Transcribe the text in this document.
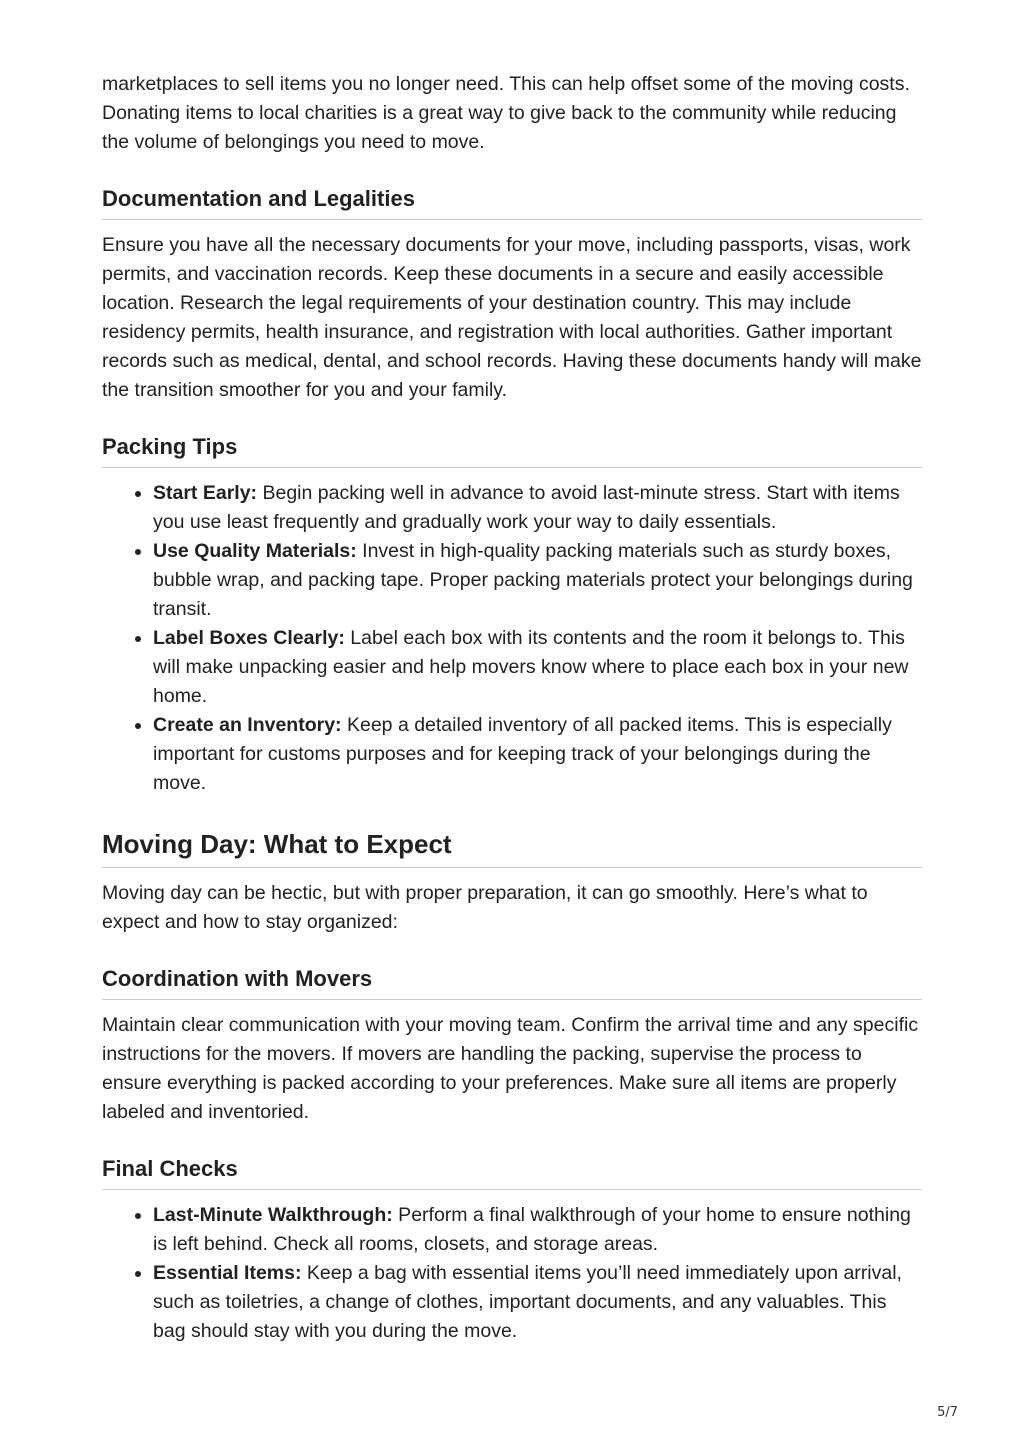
marketplaces to sell items you no longer need. This can help offset some of the moving costs. Donating items to local charities is a great way to give back to the community while reducing the volume of belongings you need to move.

Documentation and Legalities

Ensure you have all the necessary documents for your move, including passports, visas, work permits, and vaccination records. Keep these documents in a secure and easily accessible location. Research the legal requirements of your destination country. This may include residency permits, health insurance, and registration with local authorities. Gather important records such as medical, dental, and school records. Having these documents handy will make the transition smoother for you and your family.

Packing Tips
• Start Early: Begin packing well in advance to avoid last-minute stress. Start with items you use least frequently and gradually work your way to daily essentials.
• Use Quality Materials: Invest in high-quality packing materials such as sturdy boxes, bubble wrap, and packing tape. Proper packing materials protect your belongings during transit.
• Label Boxes Clearly: Label each box with its contents and the room it belongs to. This will make unpacking easier and help movers know where to place each box in your new home.
• Create an Inventory: Keep a detailed inventory of all packed items. This is especially important for customs purposes and for keeping track of your belongings during the move.
Moving Day: What to Expect

Moving day can be hectic, but with proper preparation, it can go smoothly. Here’s what to expect and how to stay organized:

Coordination with Movers

Maintain clear communication with your moving team. Confirm the arrival time and any specific instructions for the movers. If movers are handling the packing, supervise the process to ensure everything is packed according to your preferences. Make sure all items are properly labeled and inventoried.

Final Checks
• Last-Minute Walkthrough: Perform a final walkthrough of your home to ensure nothing is left behind. Check all rooms, closets, and storage areas.
• Essential Items: Keep a bag with essential items you’ll need immediately upon arrival, such as toiletries, a change of clothes, important documents, and any valuables. This bag should stay with you during the move.
5/7
